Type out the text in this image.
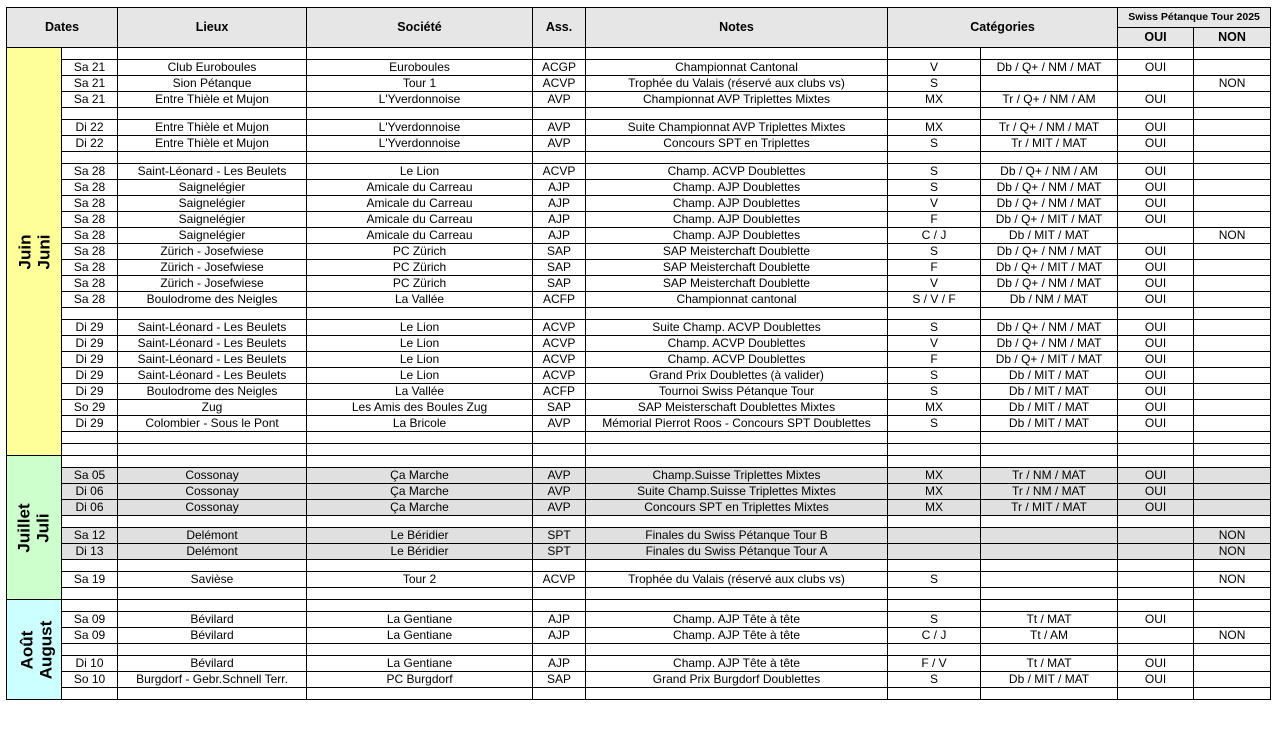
Dates		Lieux	Société	Ass.	Notes	Catégories		Swiss Pétanque Tour 2025	
								OUI	NON

Juin Juni									

	Sa 21	Club Euroboules	Euroboules	ACGP	Championnat Cantonal	V	Db / Q+ / NM / MAT	OUI	
	Sa 21	Sion Pétanque	Tour 1	ACVP	Trophée du Valais (réservé aux clubs vs)	S			NON
	Sa 21	Entre Thièle et Mujon	L'Yverdonnoise	AVP	Championnat AVP Triplettes Mixtes	MX	Tr / Q+ / NM / AM	OUI	

	Di 22	Entre Thièle et Mujon	L'Yverdonnoise	AVP	Suite Championnat AVP Triplettes Mixtes	MX	Tr / Q+ / NM / MAT	OUI	
	Di 22	Entre Thièle et Mujon	L'Yverdonnoise	AVP	Concours SPT en Triplettes	S	Tr / MIT / MAT	OUI	

	Sa 28	Saint-Léonard - Les Beulets	Le Lion	ACVP	Champ. ACVP Doublettes	S	Db / Q+ / NM / AM	OUI	
	Sa 28	Saignelégier	Amicale du Carreau	AJP	Champ. AJP Doublettes	S	Db / Q+ / NM / MAT	OUI	
	Sa 28	Saignelégier	Amicale du Carreau	AJP	Champ. AJP Doublettes	V	Db / Q+ / NM / MAT	OUI	
	Sa 28	Saignelégier	Amicale du Carreau	AJP	Champ. AJP Doublettes	F	Db / Q+ / MIT / MAT	OUI	
	Sa 28	Saignelégier	Amicale du Carreau	AJP	Champ. AJP Doublettes	C / J	Db / MIT / MAT		NON
	Sa 28	Zürich - Josefwiese	PC Zürich	SAP	SAP Meisterchaft Doublette	S	Db / Q+ / NM / MAT	OUI	
	Sa 28	Zürich - Josefwiese	PC Zürich	SAP	SAP Meisterchaft Doublette	F	Db / Q+ / MIT / MAT	OUI	
	Sa 28	Zürich - Josefwiese	PC Zürich	SAP	SAP Meisterchaft Doublette	V	Db / Q+ / NM / MAT	OUI	
	Sa 28	Boulodrome des Neigles	La Vallée	ACFP	Championnat cantonal	S / V / F	Db / NM / MAT	OUI	

	Di 29	Saint-Léonard - Les Beulets	Le Lion	ACVP	Suite Champ. ACVP Doublettes	S	Db / Q+ / NM / MAT	OUI	
	Di 29	Saint-Léonard - Les Beulets	Le Lion	ACVP	Champ. ACVP Doublettes	V	Db / Q+ / NM / MAT	OUI	
	Di 29	Saint-Léonard - Les Beulets	Le Lion	ACVP	Champ. ACVP Doublettes	F	Db / Q+ / MIT / MAT	OUI	
	Di 29	Saint-Léonard - Les Beulets	Le Lion	ACVP	Grand Prix Doublettes (à valider)	S	Db / MIT / MAT	OUI	
	Di 29	Boulodrome des Neigles	La Vallée	ACFP	Tournoi Swiss Pétanque Tour	S	Db / MIT / MAT	OUI	
	So 29	Zug	Les Amis des Boules Zug	SAP	SAP Meisterschaft Doublettes Mixtes	MX	Db / MIT / MAT	OUI	
	Di 29	Colombier - Sous le Pont	La Bricole	AVP	Mémorial Pierrot Roos - Concours SPT Doublettes	S	Db / MIT / MAT	OUI	

Juillet Juli									

	Sa 05	Cossonay	Ça Marche	AVP	Champ.Suisse Triplettes Mixtes	MX	Tr / NM / MAT	OUI	
	Di 06	Cossonay	Ça Marche	AVP	Suite Champ.Suisse Triplettes Mixtes	MX	Tr / NM / MAT	OUI	
	Di 06	Cossonay	Ça Marche	AVP	Concours SPT en Triplettes Mixtes	MX	Tr / MIT / MAT	OUI	

	Sa 12	Delémont	Le Béridier	SPT	Finales du Swiss Pétanque Tour B				NON
	Di 13	Delémont	Le Béridier	SPT	Finales du Swiss Pétanque Tour A				NON

	Sa 19	Savièse	Tour 2	ACVP	Trophée du Valais (réservé aux clubs vs)	S			NON

Août August									

	Sa 09	Bévilard	La Gentiane	AJP	Champ. AJP Tête à tête	S	Tt / MAT	OUI	
	Sa 09	Bévilard	La Gentiane	AJP	Champ. AJP Tête à tête	C / J	Tt / AM		NON

	Di 10	Bévilard	La Gentiane	AJP	Champ. AJP Tête à tête	F / V	Tt / MAT	OUI	
	So 10	Burgdorf - Gebr.Schnell Terr.	PC Burgdorf	SAP	Grand Prix Burgdorf Doublettes	S	Db / MIT / MAT	OUI	
